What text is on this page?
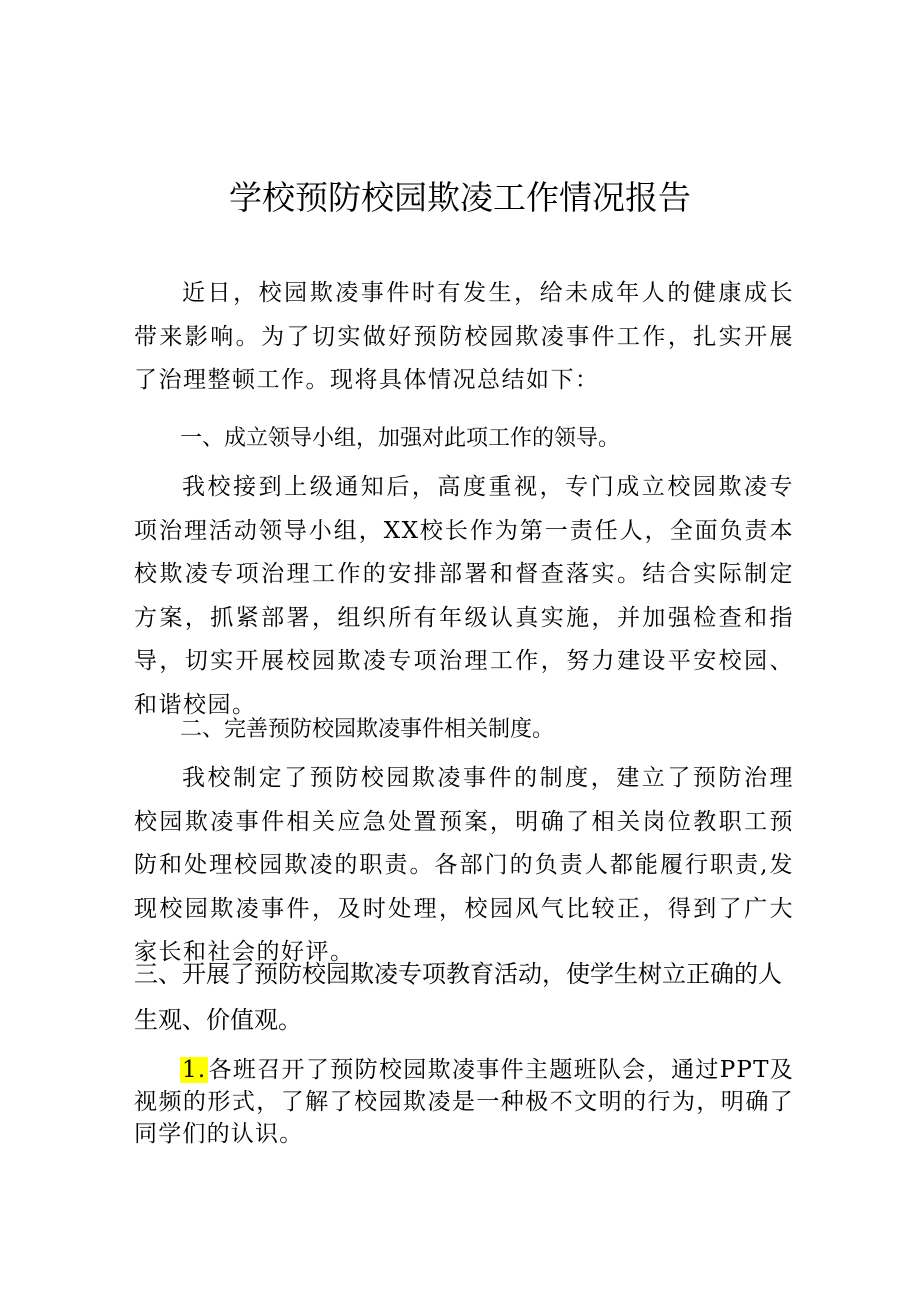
学校预防校园欺凌工作情况报告

近日，校园欺凌事件时有发生，给未成年人的健康成长带来影响。为了切实做好预防校园欺凌事件工作，扎实开展了治理整顿工作。现将具体情况总结如下：

一、成立领导小组，加强对此项工作的领导。

我校接到上级通知后，高度重视，专门成立校园欺凌专项治理活动领导小组，XX校长作为第一责任人，全面负责本校欺凌专项治理工作的安排部署和督查落实。结合实际制定方案，抓紧部署，组织所有年级认真实施，并加强检查和指导，切实开展校园欺凌专项治理工作，努力建设平安校园、和谐校园。

二、完善预防校园欺凌事件相关制度。

我校制定了预防校园欺凌事件的制度，建立了预防治理校园欺凌事件相关应急处置预案，明确了相关岗位教职工预防和处理校园欺凌的职责。各部门的负责人都能履行职责,发现校园欺凌事件，及时处理，校园风气比较正，得到了广大家长和社会的好评。

三、开展了预防校园欺凌专项教育活动，使学生树立正确的人生观、价值观。

1.各班召开了预防校园欺凌事件主题班队会，通过PPT及视频的形式，了解了校园欺凌是一种极不文明的行为，明确了同学们的认识。
